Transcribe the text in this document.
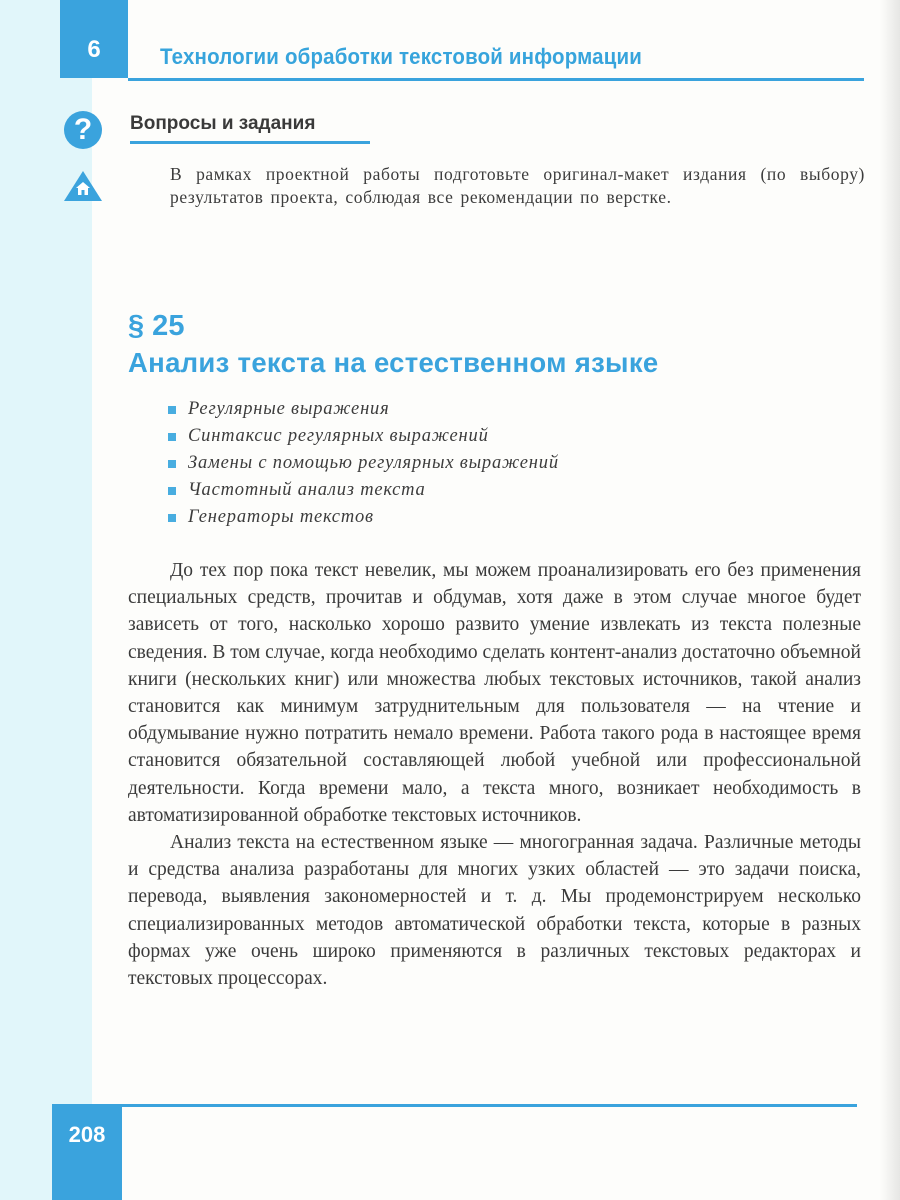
6	Технологии обработки текстовой информации
?	Вопросы и задания
В рамках проектной работы подготовьте оригинал-макет издания (по выбору) результатов проекта, соблюдая все рекомендации по верстке.
§ 25
Анализ текста на естественном языке
Регулярные выражения
Синтаксис регулярных выражений
Замены с помощью регулярных выражений
Частотный анализ текста
Генераторы текстов

До тех пор пока текст невелик, мы можем проанализировать его без применения специальных средств, прочитав и обдумав, хотя даже в этом случае многое будет зависеть от того, насколько хорошо развито умение извлекать из текста полезные сведения. В том случае, когда необходимо сделать контент-анализ достаточно объемной книги (нескольких книг) или множества любых текстовых источников, такой анализ становится как минимум затруднительным для пользователя — на чтение и обдумывание нужно потратить немало времени. Работа такого рода в настоящее время становится обязательной составляющей любой учебной или профессиональной деятельности. Когда времени мало, а текста много, возникает необходимость в автоматизированной обработке текстовых источников.

Анализ текста на естественном языке — многогранная задача. Различные методы и средства анализа разработаны для многих узких областей — это задачи поиска, перевода, выявления закономерностей и т. д. Мы продемонстрируем несколько специализированных методов автоматической обработки текста, которые в разных формах уже очень широко применяются в различных текстовых редакторах и текстовых процессорах.

208
